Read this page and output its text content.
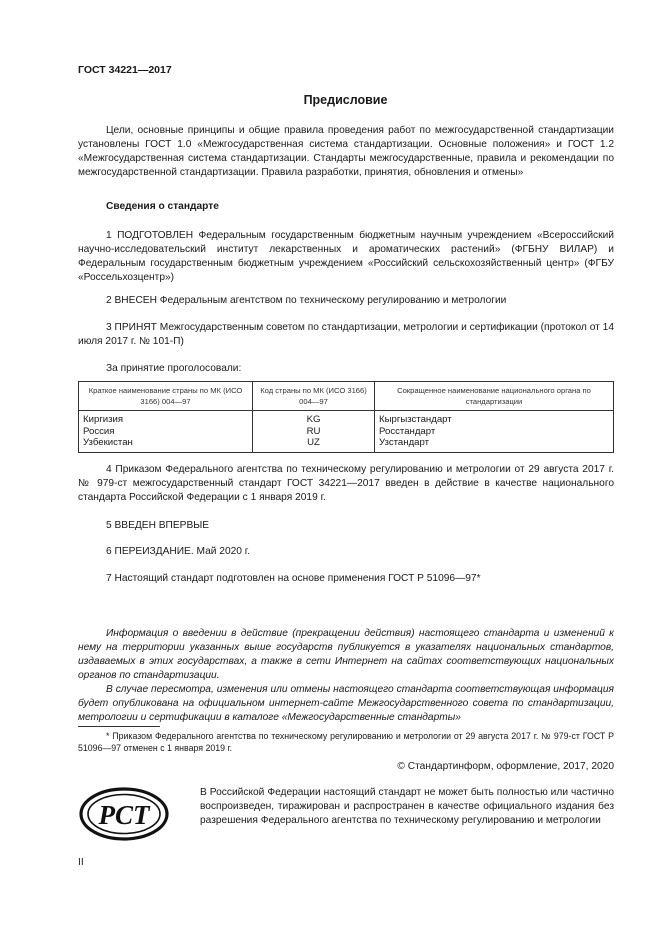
ГОСТ 34221—2017
Предисловие
Цели, основные принципы и общие правила проведения работ по межгосударственной стандартизации установлены ГОСТ 1.0 «Межгосударственная система стандартизации. Основные положения» и ГОСТ 1.2 «Межгосударственная система стандартизации. Стандарты межгосударственные, правила и рекомендации по межгосударственной стандартизации. Правила разработки, принятия, обновления и отмены»
Сведения о стандарте
1 ПОДГОТОВЛЕН Федеральным государственным бюджетным научным учреждением «Всероссийский научно-исследовательский институт лекарственных и ароматических растений» (ФГБНУ ВИЛАР) и Федеральным государственным бюджетным учреждением «Российский сельскохозяйственный центр» (ФГБУ «Россельхозцентр»)
2 ВНЕСЕН Федеральным агентством по техническому регулированию и метрологии
3 ПРИНЯТ Межгосударственным советом по стандартизации, метрологии и сертификации (протокол от 14 июля 2017 г. № 101-П)
За принятие проголосовали:
Краткое наименование страны по МК (ИСО 3166) 004—97	Код страны по МК (ИСО 3166) 004—97	Сокращенное наименование национального органа по стандартизации
Киргизия	KG	Кыргызстандарт
Россия	RU	Росстандарт
Узбекистан	UZ	Узстандарт
4 Приказом Федерального агентства по техническому регулированию и метрологии от 29 августа 2017 г. № 979-ст межгосударственный стандарт ГОСТ 34221—2017 введен в действие в качестве национального стандарта Российской Федерации с 1 января 2019 г.
5 ВВЕДЕН ВПЕРВЫЕ
6 ПЕРЕИЗДАНИЕ. Май 2020 г.
7 Настоящий стандарт подготовлен на основе применения ГОСТ Р 51096—97*
Информация о введении в действие (прекращении действия) настоящего стандарта и изменений к нему на территории указанных выше государств публикуется в указателях национальных стандартов, издаваемых в этих государствах, а также в сети Интернет на сайтах соответствующих национальных органов по стандартизации.
В случае пересмотра, изменения или отмены настоящего стандарта соответствующая информация будет опубликована на официальном интернет-сайте Межгосударственного совета по стандартизации, метрологии и сертификации в каталоге «Межгосударственные стандарты»
* Приказом Федерального агентства по техническому регулированию и метрологии от 29 августа 2017 г. № 979-ст ГОСТ Р 51096—97 отменен с 1 января 2019 г.
© Стандартинформ, оформление, 2017, 2020
РСТ
В Российской Федерации настоящий стандарт не может быть полностью или частично воспроизведен, тиражирован и распространен в качестве официального издания без разрешения Федерального агентства по техническому регулированию и метрологии
II
